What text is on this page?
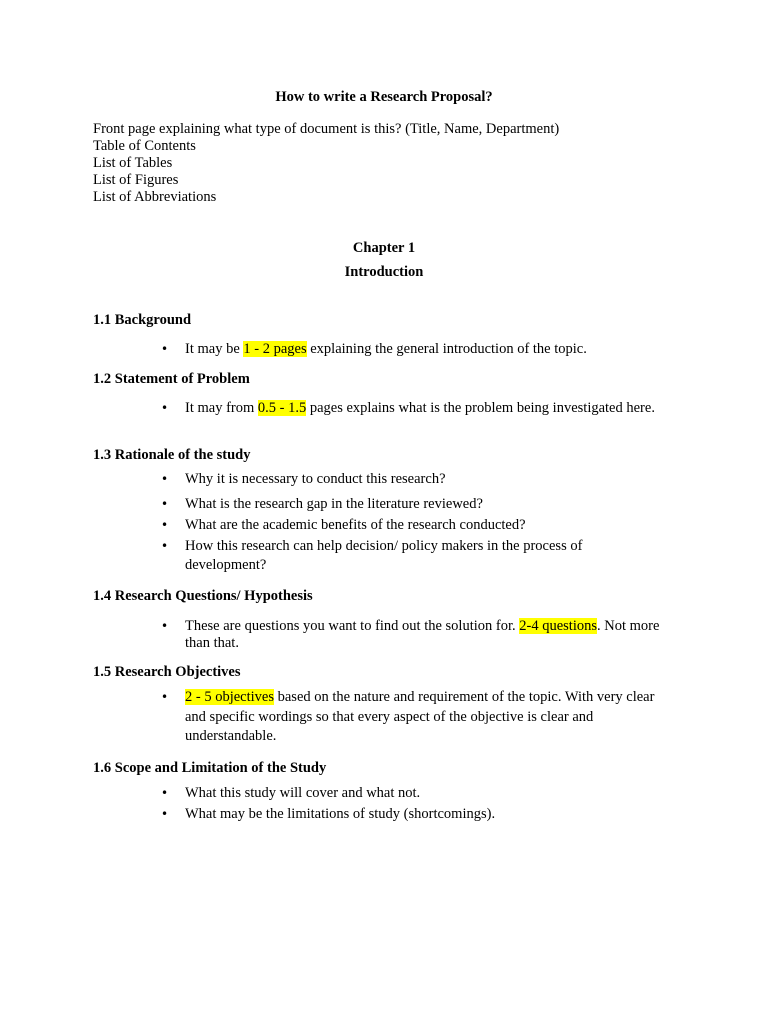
How to write a Research Proposal?
Front page explaining what type of document is this? (Title, Name, Department)
Table of Contents
List of Tables
List of Figures
List of Abbreviations
Chapter 1
Introduction
1.1 Background
• It may be 1 - 2 pages explaining the general introduction of the topic.
1.2 Statement of Problem
• It may from 0.5 - 1.5 pages explains what is the problem being investigated here.
1.3 Rationale of the study
• Why it is necessary to conduct this research?
• What is the research gap in the literature reviewed?
• What are the academic benefits of the research conducted?
• How this research can help decision/ policy makers in the process of development?
1.4 Research Questions/ Hypothesis
• These are questions you want to find out the solution for. 2-4 questions. Not more than that.
1.5 Research Objectives
• 2 - 5 objectives based on the nature and requirement of the topic. With very clear and specific wordings so that every aspect of the objective is clear and understandable.
1.6 Scope and Limitation of the Study
• What this study will cover and what not.
• What may be the limitations of study (shortcomings).
